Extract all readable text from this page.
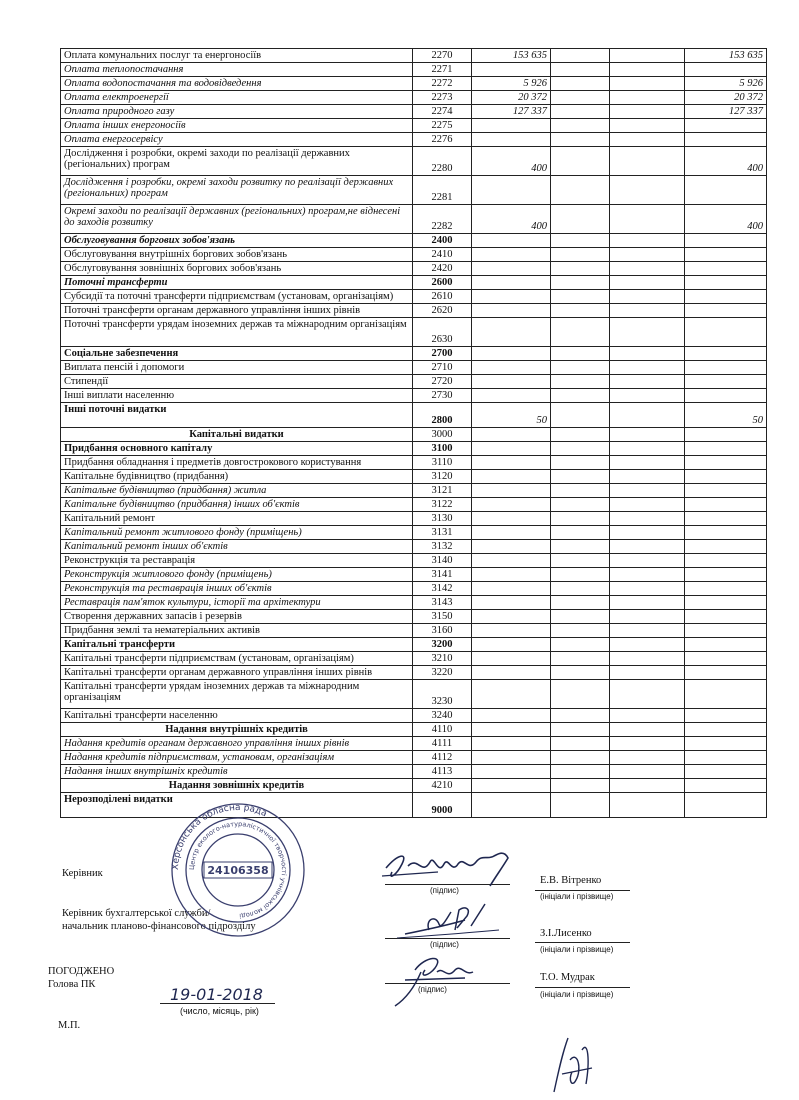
Оплата комунальних послуг та енергоносіїв	2270	153 635			153 635
Оплата теплопостачання	2271				
Оплата водопостачання та водовідведення	2272	5 926			5 926
Оплата електроенергії	2273	20 372			20 372
Оплата природного газу	2274	127 337			127 337
Оплата інших енергоносіїв	2275				
Оплата енергосервісу	2276				
Дослідження і розробки, окремі заходи по реалізації державних (регіональних) програм	2280	400			400
Дослідження і розробки, окремі заходи розвитку по реалізації державних (регіональних) програм	2281				
Окремі заходи по реалізації державних (регіональних) програм,не віднесені до заходів розвитку	2282	400			400
Обслуговування боргових зобов'язань	2400				
Обслуговування внутрішніх боргових зобов'язань	2410				
Обслуговування зовнішніх боргових зобов'язань	2420				
Поточні трансферти	2600				
Субсидії та поточні трансферти підприємствам (установам, організаціям)	2610				
Поточні трансферти органам державного управління інших рівнів	2620				
Поточні трансферти урядам іноземних держав та міжнародним організаціям	2630				
Соціальне забезпечення	2700				
Виплата пенсій і допомоги	2710				
Стипендії	2720				
Інші виплати населенню	2730				
Інші поточні видатки	2800	50			50
Капітальні видатки	3000				
Придбання основного капіталу	3100				
Придбання обладнання і предметів довгострокового користування	3110				
Капітальне будівництво (придбання)	3120				
Капітальне будівництво (придбання) житла	3121				
Капітальне будівництво (придбання) інших об'єктів	3122				
Капітальний ремонт	3130				
Капітальний ремонт житлового фонду (приміщень)	3131				
Капітальний ремонт інших об'єктів	3132				
Реконструкція та реставрація	3140				
Реконструкція житлового фонду (приміщень)	3141				
Реконструкція та реставрація інших об'єктів	3142				
Реставрація пам'яток культури, історії та архітектури	3143				
Створення державних запасів і резервів	3150				
Придбання землі та нематеріальних активів	3160				
Капітальні трансферти	3200				
Капітальні трансферти підприємствам (установам, організаціям)	3210				
Капітальні трансферти органам державного управління інших рівнів	3220				
Капітальні трансферти урядам іноземних держав та міжнародним організаціям	3230				
Капітальні трансферти населенню	3240				
Надання внутрішніх кредитів	4110				
Надання кредитів органам державного управління інших рівнів	4111				
Надання кредитів підприємствам, установам, організаціям	4112				
Надання інших внутрішніх кредитів	4113				
Надання зовнішніх кредитів	4210				
Нерозподілені видатки	9000				
Керівник
(підпис)
Е.В. Вітренко
(ініціали і прізвище)
Керівник бухгалтерської служби/
начальник планово-фінансового підрозділу
(підпис)
З.І.Лисенко
(ініціали і прізвище)
ПОГОДЖЕНО
Голова ПК	(підпис)
Т.О. Мудрак
(ініціали і прізвище)
(число, місяць, рік)
М.П.
19-01-2018
Херсонська обласна рада
Центр еколого-натуралістичної творчості учнівської молоді
24106358
